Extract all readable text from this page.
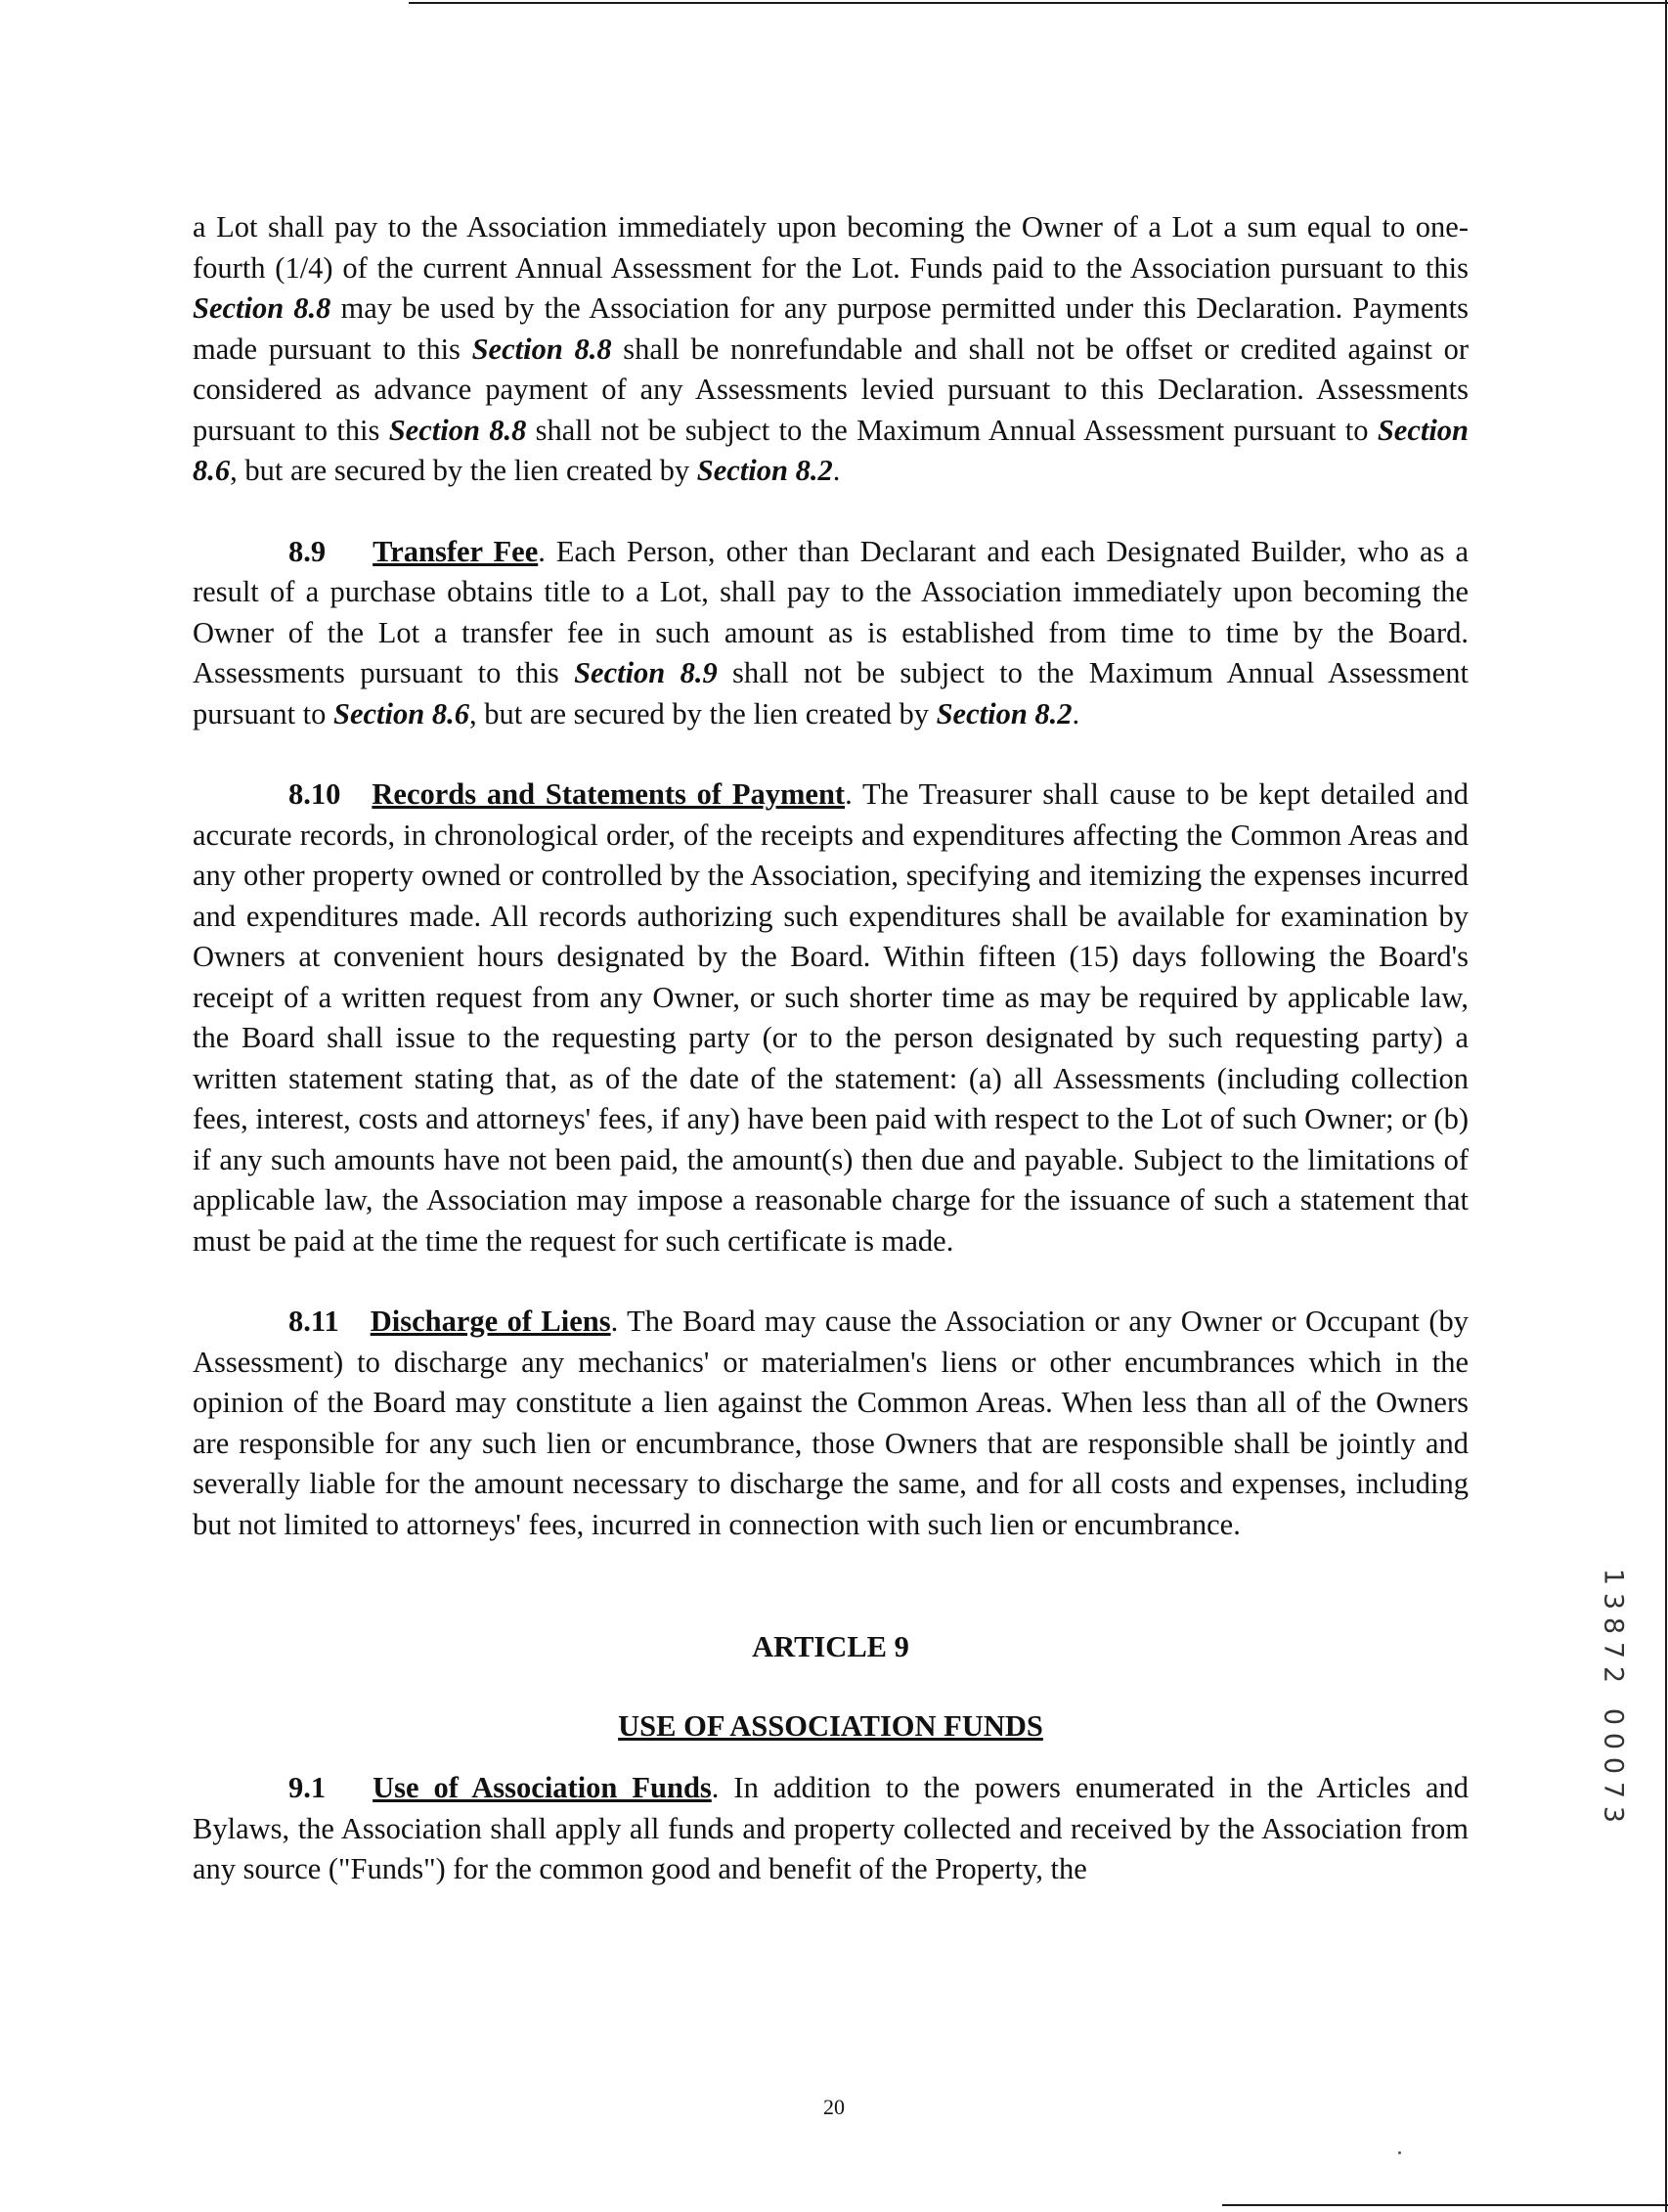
a Lot shall pay to the Association immediately upon becoming the Owner of a Lot a sum equal to one-fourth (1/4) of the current Annual Assessment for the Lot. Funds paid to the Association pursuant to this Section 8.8 may be used by the Association for any purpose permitted under this Declaration. Payments made pursuant to this Section 8.8 shall be nonrefundable and shall not be offset or credited against or considered as advance payment of any Assessments levied pursuant to this Declaration. Assessments pursuant to this Section 8.8 shall not be subject to the Maximum Annual Assessment pursuant to Section 8.6, but are secured by the lien created by Section 8.2.

8.9 Transfer Fee. Each Person, other than Declarant and each Designated Builder, who as a result of a purchase obtains title to a Lot, shall pay to the Association immediately upon becoming the Owner of the Lot a transfer fee in such amount as is established from time to time by the Board. Assessments pursuant to this Section 8.9 shall not be subject to the Maximum Annual Assessment pursuant to Section 8.6, but are secured by the lien created by Section 8.2.

8.10 Records and Statements of Payment. The Treasurer shall cause to be kept detailed and accurate records, in chronological order, of the receipts and expenditures affecting the Common Areas and any other property owned or controlled by the Association, specifying and itemizing the expenses incurred and expenditures made. All records authorizing such expenditures shall be available for examination by Owners at convenient hours designated by the Board. Within fifteen (15) days following the Board's receipt of a written request from any Owner, or such shorter time as may be required by applicable law, the Board shall issue to the requesting party (or to the person designated by such requesting party) a written statement stating that, as of the date of the statement: (a) all Assessments (including collection fees, interest, costs and attorneys' fees, if any) have been paid with respect to the Lot of such Owner; or (b) if any such amounts have not been paid, the amount(s) then due and payable. Subject to the limitations of applicable law, the Association may impose a reasonable charge for the issuance of such a statement that must be paid at the time the request for such certificate is made.

8.11 Discharge of Liens. The Board may cause the Association or any Owner or Occupant (by Assessment) to discharge any mechanics' or materialmen's liens or other encumbrances which in the opinion of the Board may constitute a lien against the Common Areas. When less than all of the Owners are responsible for any such lien or encumbrance, those Owners that are responsible shall be jointly and severally liable for the amount necessary to discharge the same, and for all costs and expenses, including but not limited to attorneys' fees, incurred in connection with such lien or encumbrance.

ARTICLE 9
USE OF ASSOCIATION FUNDS

9.1 Use of Association Funds. In addition to the powers enumerated in the Articles and Bylaws, the Association shall apply all funds and property collected and received by the Association from any source ("Funds") for the common good and benefit of the Property, the

1
3
8
7
2
0
0
0
7
3
20
